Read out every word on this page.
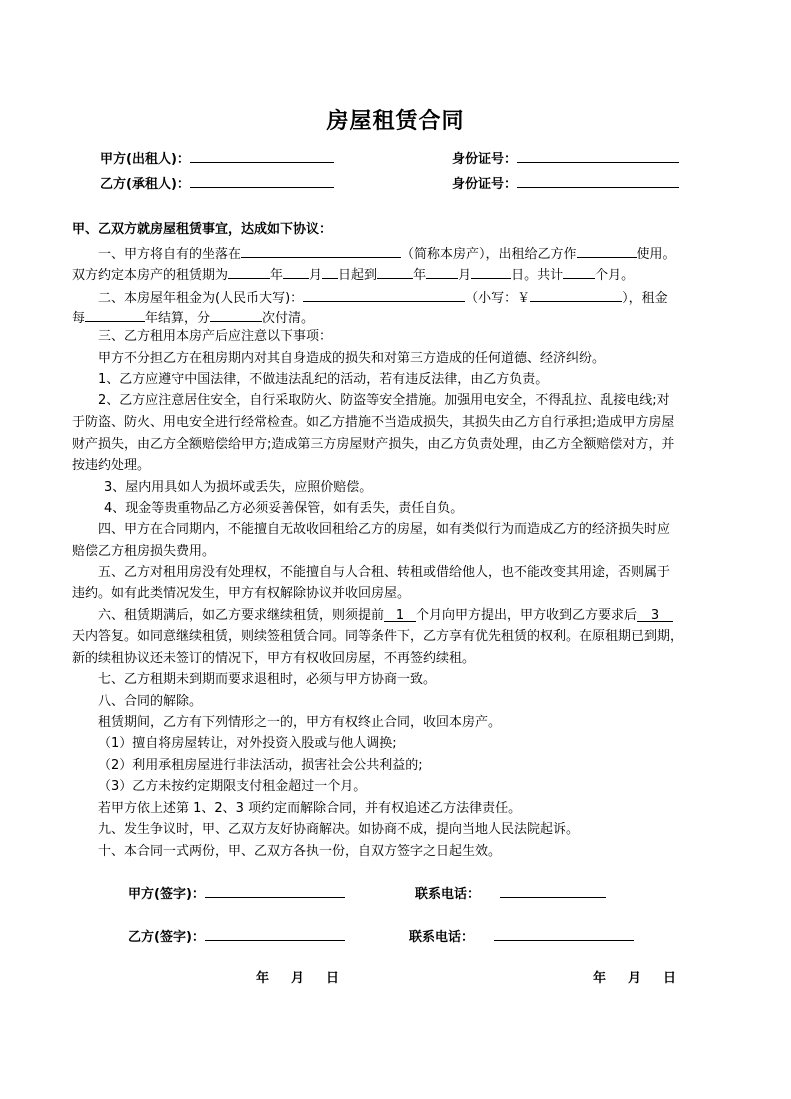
房屋租赁合同
甲方(出租人)：	身份证号：
乙方(承租人)：	身份证号：
甲、乙双方就房屋租赁事宜，达成如下协议：
一、甲方将自有的坐落在	（简称本房产），出租给乙方作	使用。
双方约定本房产的租赁期为	年 月 日起到	年 月	日。共计 个月。
二、本房屋年租金为(人民币大写)：	（小写：￥	），租金
每	年结算，分	次付清。
三、乙方租用本房产后应注意以下事项：
甲方不分担乙方在租房期内对其自身造成的损失和对第三方造成的任何道德、经济纠纷。
1、乙方应遵守中国法律，不做违法乱纪的活动，若有违反法律，由乙方负责。
2、乙方应注意居住安全，自行采取防火、防盗等安全措施。加强用电安全，不得乱拉、乱接电线;对
于防盗、防火、用电安全进行经常检查。如乙方措施不当造成损失，其损失由乙方自行承担;造成甲方房屋
财产损失，由乙方全额赔偿给甲方;造成第三方房屋财产损失，由乙方负责处理，由乙方全额赔偿对方，并
按违约处理。
3、屋内用具如人为损坏或丢失，应照价赔偿。
4、现金等贵重物品乙方必须妥善保管，如有丢失，责任自负。
四、甲方在合同期内，不能擅自无故收回租给乙方的房屋，如有类似行为而造成乙方的经济损失时应
赔偿乙方租房损失费用。
五、乙方对租用房没有处理权，不能擅自与人合租、转租或借给他人，也不能改变其用途，否则属于
违约。如有此类情况发生，甲方有权解除协议并收回房屋。
六、租赁期满后，如乙方要求继续租赁，则须提前 1 个月向甲方提出，甲方收到乙方要求后 3
天内答复。如同意继续租赁，则续签租赁合同。同等条件下，乙方享有优先租赁的权利。在原租期已到期，
新的续租协议还未签订的情况下，甲方有权收回房屋，不再签约续租。
七、乙方租期未到期而要求退租时，必须与甲方协商一致。
八、合同的解除。
租赁期间，乙方有下列情形之一的，甲方有权终止合同，收回本房产。
（1）擅自将房屋转让，对外投资入股或与他人调换;
（2）利用承租房屋进行非法活动，损害社会公共利益的;
（3）乙方未按约定期限支付租金超过一个月。
若甲方依上述第 1、2、3 项约定而解除合同，并有权追述乙方法律责任。
九、发生争议时，甲、乙双方友好协商解决。如协商不成，提向当地人民法院起诉。
十、本合同一式两份，甲、乙双方各执一份，自双方签字之日起生效。
甲方(签字)：	联系电话：
乙方(签字)：	联系电话：
年 月 日	年 月 日
